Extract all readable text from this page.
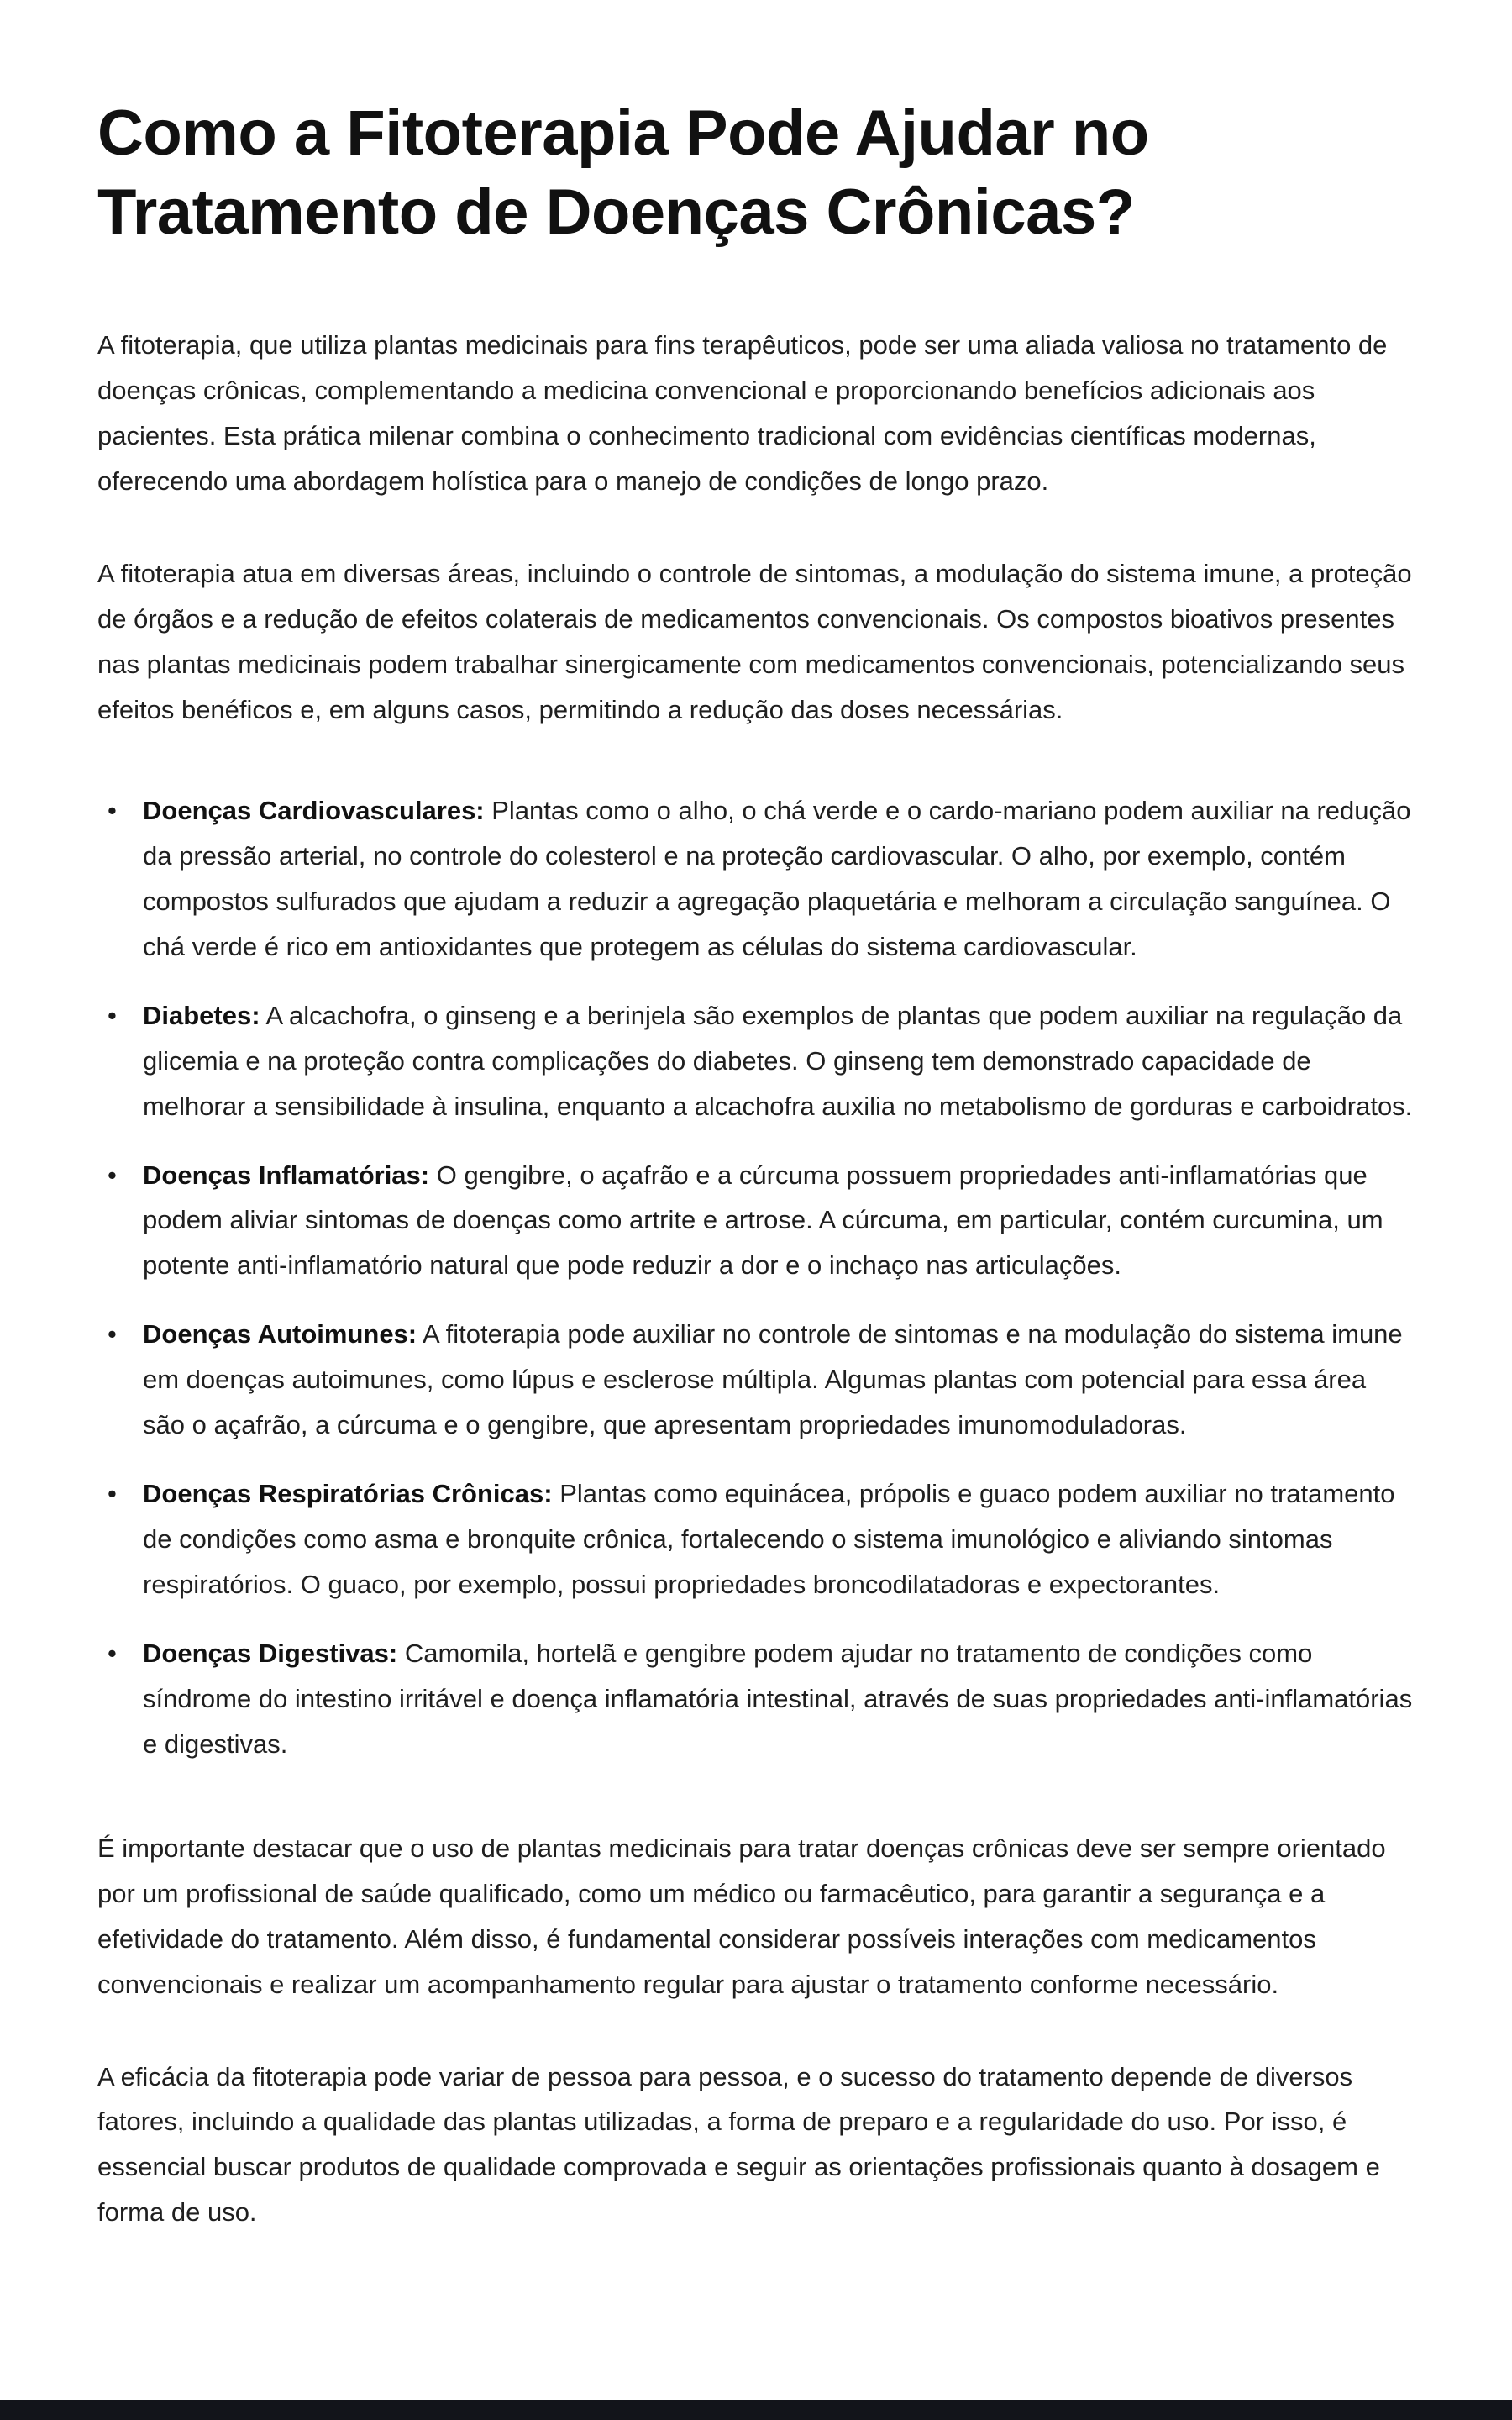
Como a Fitoterapia Pode Ajudar no Tratamento de Doenças Crônicas?

A fitoterapia, que utiliza plantas medicinais para fins terapêuticos, pode ser uma aliada valiosa no tratamento de doenças crônicas, complementando a medicina convencional e proporcionando benefícios adicionais aos pacientes. Esta prática milenar combina o conhecimento tradicional com evidências científicas modernas, oferecendo uma abordagem holística para o manejo de condições de longo prazo.

A fitoterapia atua em diversas áreas, incluindo o controle de sintomas, a modulação do sistema imune, a proteção de órgãos e a redução de efeitos colaterais de medicamentos convencionais. Os compostos bioativos presentes nas plantas medicinais podem trabalhar sinergicamente com medicamentos convencionais, potencializando seus efeitos benéficos e, em alguns casos, permitindo a redução das doses necessárias.

• Doenças Cardiovasculares: Plantas como o alho, o chá verde e o cardo-mariano podem auxiliar na redução da pressão arterial, no controle do colesterol e na proteção cardiovascular. O alho, por exemplo, contém compostos sulfurados que ajudam a reduzir a agregação plaquetária e melhoram a circulação sanguínea. O chá verde é rico em antioxidantes que protegem as células do sistema cardiovascular.
• Diabetes: A alcachofra, o ginseng e a berinjela são exemplos de plantas que podem auxiliar na regulação da glicemia e na proteção contra complicações do diabetes. O ginseng tem demonstrado capacidade de melhorar a sensibilidade à insulina, enquanto a alcachofra auxilia no metabolismo de gorduras e carboidratos.
• Doenças Inflamatórias: O gengibre, o açafrão e a cúrcuma possuem propriedades anti-inflamatórias que podem aliviar sintomas de doenças como artrite e artrose. A cúrcuma, em particular, contém curcumina, um potente anti-inflamatório natural que pode reduzir a dor e o inchaço nas articulações.
• Doenças Autoimunes: A fitoterapia pode auxiliar no controle de sintomas e na modulação do sistema imune em doenças autoimunes, como lúpus e esclerose múltipla. Algumas plantas com potencial para essa área são o açafrão, a cúrcuma e o gengibre, que apresentam propriedades imunomoduladoras.
• Doenças Respiratórias Crônicas: Plantas como equinácea, própolis e guaco podem auxiliar no tratamento de condições como asma e bronquite crônica, fortalecendo o sistema imunológico e aliviando sintomas respiratórios. O guaco, por exemplo, possui propriedades broncodilatadoras e expectorantes.
• Doenças Digestivas: Camomila, hortelã e gengibre podem ajudar no tratamento de condições como síndrome do intestino irritável e doença inflamatória intestinal, através de suas propriedades anti-inflamatórias e digestivas.

É importante destacar que o uso de plantas medicinais para tratar doenças crônicas deve ser sempre orientado por um profissional de saúde qualificado, como um médico ou farmacêutico, para garantir a segurança e a efetividade do tratamento. Além disso, é fundamental considerar possíveis interações com medicamentos convencionais e realizar um acompanhamento regular para ajustar o tratamento conforme necessário.

A eficácia da fitoterapia pode variar de pessoa para pessoa, e o sucesso do tratamento depende de diversos fatores, incluindo a qualidade das plantas utilizadas, a forma de preparo e a regularidade do uso. Por isso, é essencial buscar produtos de qualidade comprovada e seguir as orientações profissionais quanto à dosagem e forma de uso.
